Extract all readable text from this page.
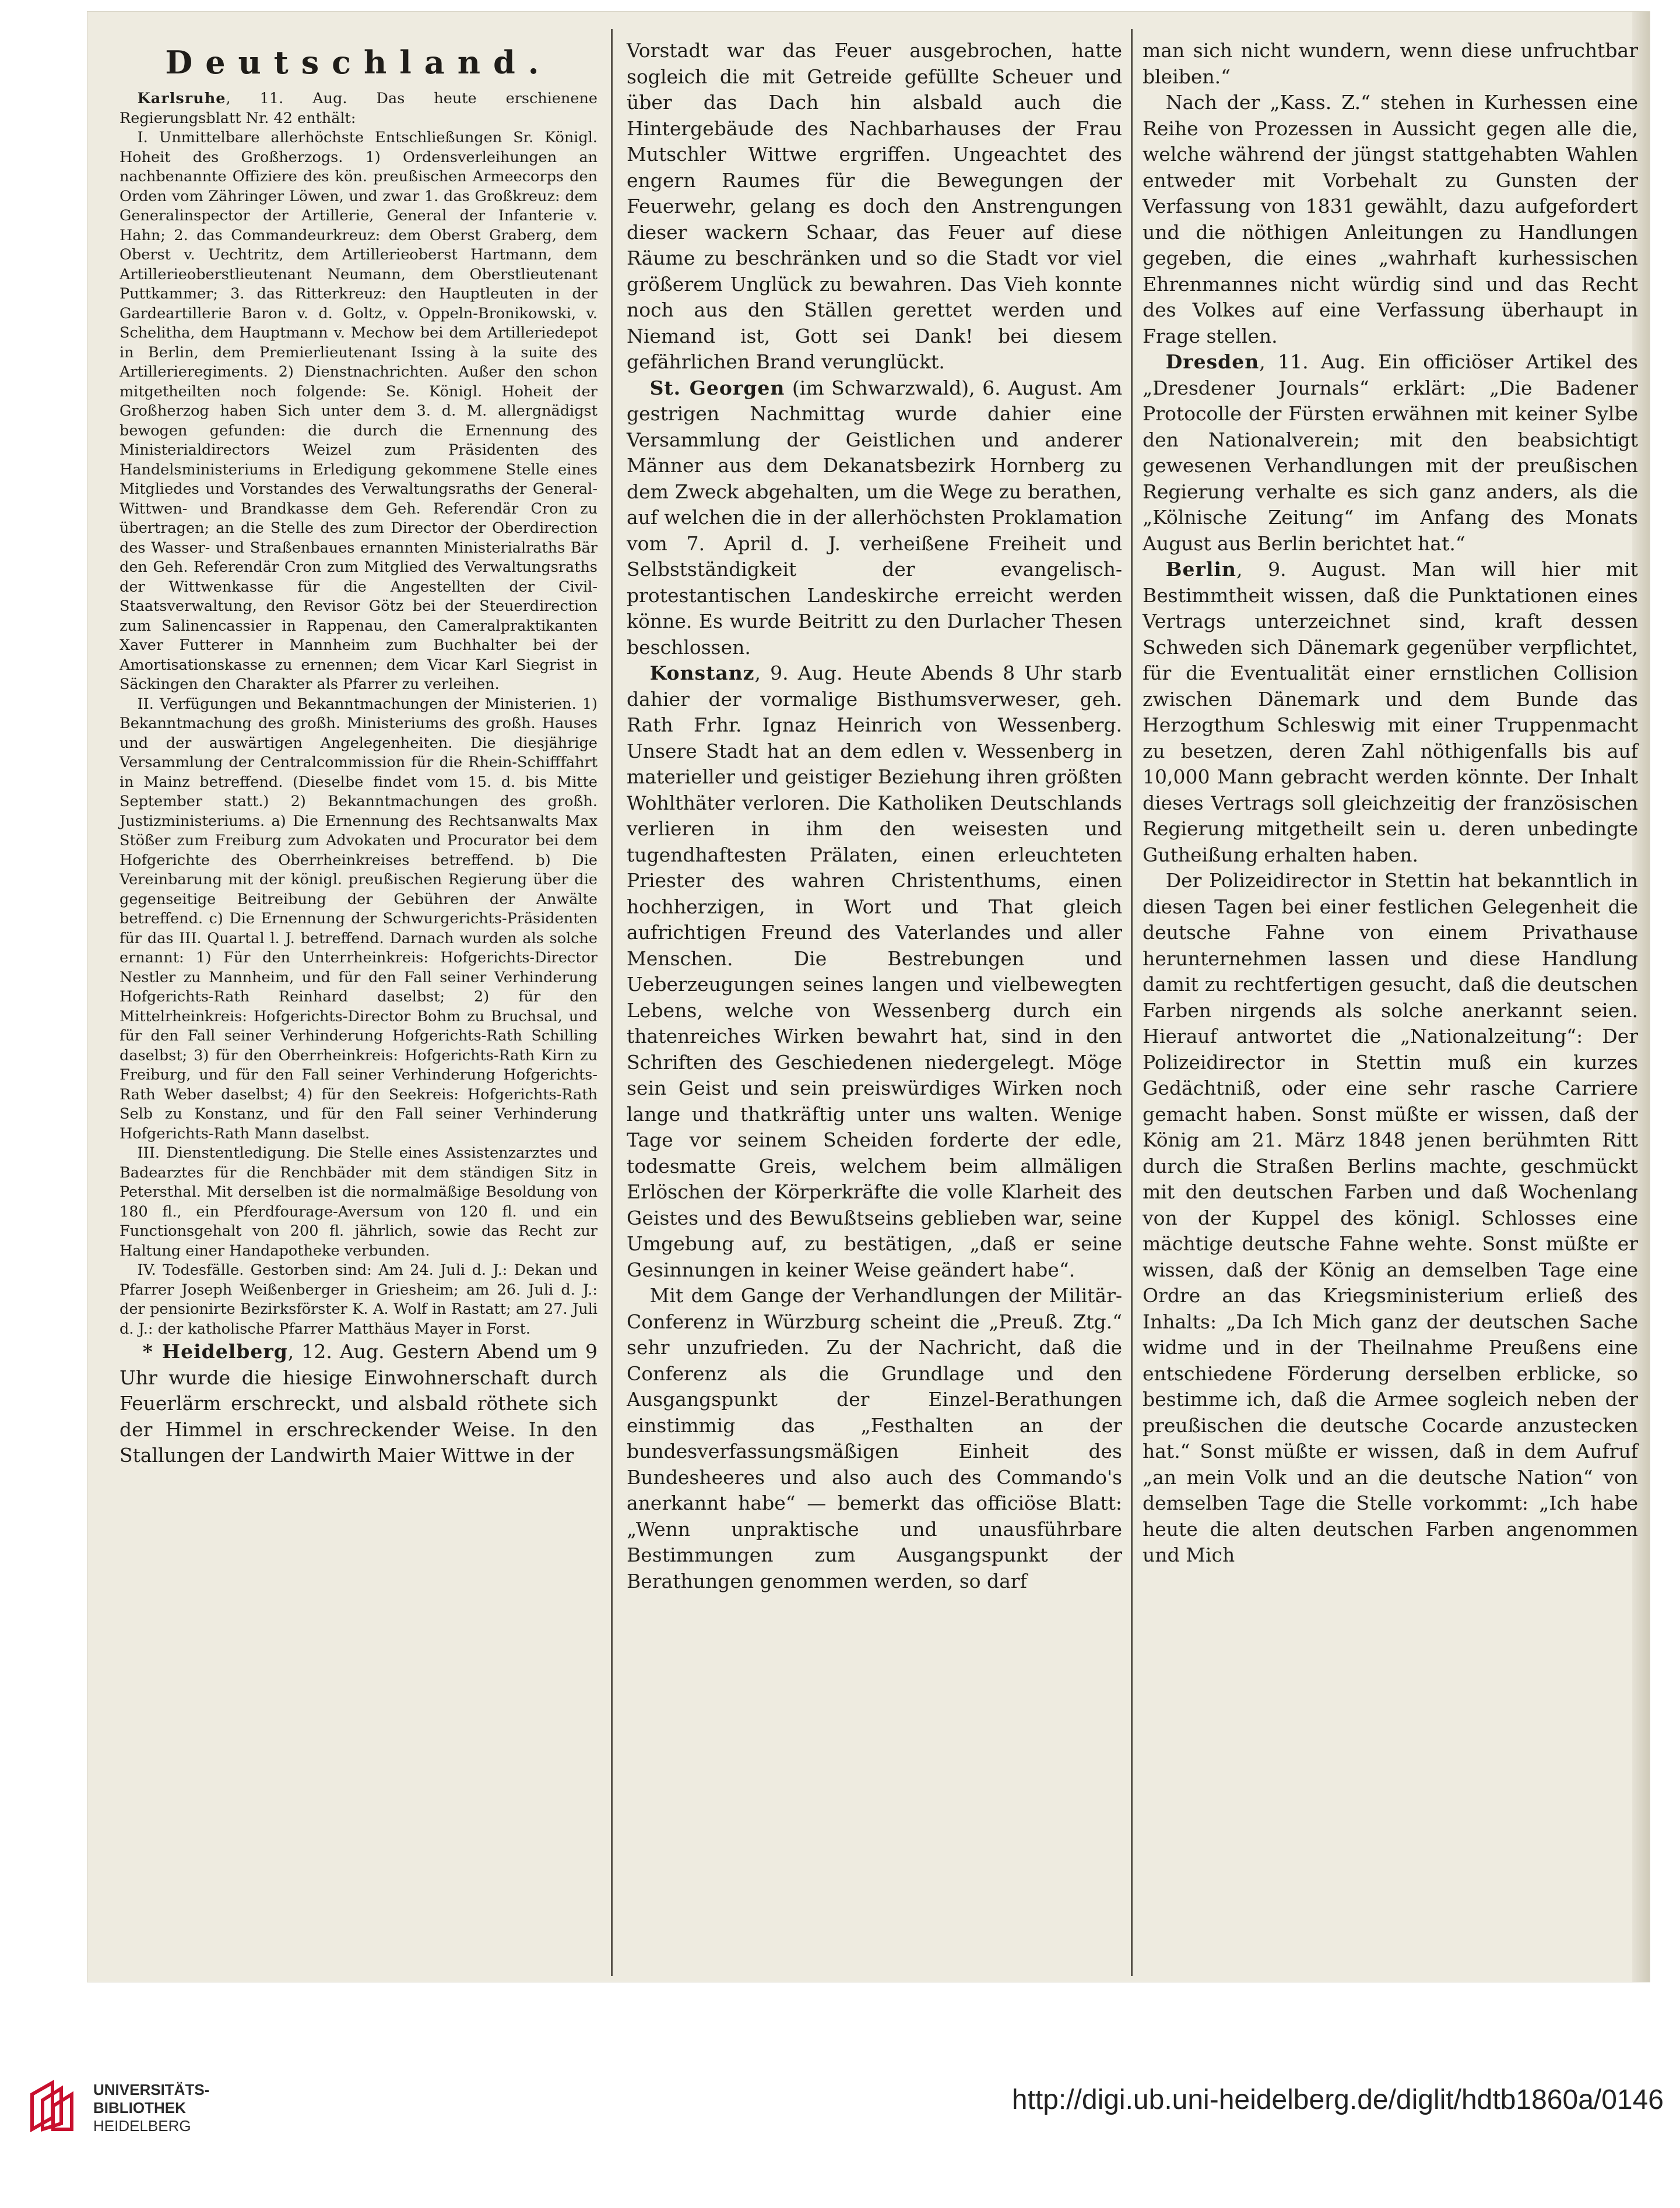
Deutschland.

Karlsruhe, 11. Aug. Das heute erschienene Regierungsblatt Nr. 42 enthält:

I. Unmittelbare allerhöchste Entschließungen Sr. Königl. Hoheit des Großherzogs. 1) Ordensverleihungen an nachbenannte Offiziere des kön. preußischen Armeecorps den Orden vom Zähringer Löwen, und zwar 1. das Großkreuz: dem Generalinspector der Artillerie, General der Infanterie v. Hahn; 2. das Commandeurkreuz: dem Oberst Graberg, dem Oberst v. Uechtritz, dem Artillerieoberst Hartmann, dem Artillerieoberstlieutenant Neumann, dem Oberstlieutenant Puttkammer; 3. das Ritterkreuz: den Hauptleuten in der Gardeartillerie Baron v. d. Goltz, v. Oppeln-Bronikowski, v. Schelitha, dem Hauptmann v. Mechow bei dem Artilleriedepot in Berlin, dem Premierlieutenant Issing à la suite des Artillerieregiments. 2) Dienstnachrichten. Außer den schon mitgetheilten noch folgende: Se. Königl. Hoheit der Großherzog haben Sich unter dem 3. d. M. allergnädigst bewogen gefunden: die durch die Ernennung des Ministerialdirectors Weizel zum Präsidenten des Handelsministeriums in Erledigung gekommene Stelle eines Mitgliedes und Vorstandes des Verwaltungsraths der General-Wittwen- und Brandkasse dem Geh. Referendär Cron zu übertragen; an die Stelle des zum Director der Oberdirection des Wasser- und Straßenbaues ernannten Ministerialraths Bär den Geh. Referendär Cron zum Mitglied des Verwaltungsraths der Wittwenkasse für die Angestellten der Civil-Staatsverwaltung, den Revisor Götz bei der Steuerdirection zum Salinencassier in Rappenau, den Cameralpraktikanten Xaver Futterer in Mannheim zum Buchhalter bei der Amortisationskasse zu ernennen; dem Vicar Karl Siegrist in Säckingen den Charakter als Pfarrer zu verleihen.

II. Verfügungen und Bekanntmachungen der Ministerien. 1) Bekanntmachung des großh. Ministeriums des großh. Hauses und der auswärtigen Angelegenheiten. Die diesjährige Versammlung der Centralcommission für die Rhein-Schifffahrt in Mainz betreffend. (Dieselbe findet vom 15. d. bis Mitte September statt.) 2) Bekanntmachungen des großh. Justizministeriums. a) Die Ernennung des Rechtsanwalts Max Stößer zum Freiburg zum Advokaten und Procurator bei dem Hofgerichte des Oberrheinkreises betreffend. b) Die Vereinbarung mit der königl. preußischen Regierung über die gegenseitige Beitreibung der Gebühren der Anwälte betreffend. c) Die Ernennung der Schwurgerichts-Präsidenten für das III. Quartal l. J. betreffend. Darnach wurden als solche ernannt: 1) Für den Unterrheinkreis: Hofgerichts-Director Nestler zu Mannheim, und für den Fall seiner Verhinderung Hofgerichts-Rath Reinhard daselbst; 2) für den Mittelrheinkreis: Hofgerichts-Director Bohm zu Bruchsal, und für den Fall seiner Verhinderung Hofgerichts-Rath Schilling daselbst; 3) für den Oberrheinkreis: Hofgerichts-Rath Kirn zu Freiburg, und für den Fall seiner Verhinderung Hofgerichts-Rath Weber daselbst; 4) für den Seekreis: Hofgerichts-Rath Selb zu Konstanz, und für den Fall seiner Verhinderung Hofgerichts-Rath Mann daselbst.

III. Dienstentledigung. Die Stelle eines Assistenzarztes und Badearztes für die Renchbäder mit dem ständigen Sitz in Petersthal. Mit derselben ist die normalmäßige Besoldung von 180 fl., ein Pferdfourage-Aversum von 120 fl. und ein Functionsgehalt von 200 fl. jährlich, sowie das Recht zur Haltung einer Handapotheke verbunden.

IV. Todesfälle. Gestorben sind: Am 24. Juli d. J.: Dekan und Pfarrer Joseph Weißenberger in Griesheim; am 26. Juli d. J.: der pensionirte Bezirksförster K. A. Wolf in Rastatt; am 27. Juli d. J.: der katholische Pfarrer Matthäus Mayer in Forst.

* Heidelberg, 12. Aug. Gestern Abend um 9 Uhr wurde die hiesige Einwohnerschaft durch Feuerlärm erschreckt, und alsbald röthete sich der Himmel in erschreckender Weise. In den Stallungen der Landwirth Maier Wittwe in der

Vorstadt war das Feuer ausgebrochen, hatte sogleich die mit Getreide gefüllte Scheuer und über das Dach hin alsbald auch die Hintergebäude des Nachbarhauses der Frau Mutschler Wittwe ergriffen. Ungeachtet des engern Raumes für die Bewegungen der Feuerwehr, gelang es doch den Anstrengungen dieser wackern Schaar, das Feuer auf diese Räume zu beschränken und so die Stadt vor viel größerem Unglück zu bewahren. Das Vieh konnte noch aus den Ställen gerettet werden und Niemand ist, Gott sei Dank! bei diesem gefährlichen Brand verunglückt.

St. Georgen (im Schwarzwald), 6. August. Am gestrigen Nachmittag wurde dahier eine Versammlung der Geistlichen und anderer Männer aus dem Dekanatsbezirk Hornberg zu dem Zweck abgehalten, um die Wege zu berathen, auf welchen die in der allerhöchsten Proklamation vom 7. April d. J. verheißene Freiheit und Selbstständigkeit der evangelisch-protestantischen Landeskirche erreicht werden könne. Es wurde Beitritt zu den Durlacher Thesen beschlossen.

Konstanz, 9. Aug. Heute Abends 8 Uhr starb dahier der vormalige Bisthumsverweser, geh. Rath Frhr. Ignaz Heinrich von Wessenberg. Unsere Stadt hat an dem edlen v. Wessenberg in materieller und geistiger Beziehung ihren größten Wohlthäter verloren. Die Katholiken Deutschlands verlieren in ihm den weisesten und tugendhaftesten Prälaten, einen erleuchteten Priester des wahren Christenthums, einen hochherzigen, in Wort und That gleich aufrichtigen Freund des Vaterlandes und aller Menschen. Die Bestrebungen und Ueberzeugungen seines langen und vielbewegten Lebens, welche von Wessenberg durch ein thatenreiches Wirken bewahrt hat, sind in den Schriften des Geschiedenen niedergelegt. Möge sein Geist und sein preiswürdiges Wirken noch lange und thatkräftig unter uns walten. Wenige Tage vor seinem Scheiden forderte der edle, todesmatte Greis, welchem beim allmäligen Erlöschen der Körperkräfte die volle Klarheit des Geistes und des Bewußtseins geblieben war, seine Umgebung auf, zu bestätigen, „daß er seine Gesinnungen in keiner Weise geändert habe“.

Mit dem Gange der Verhandlungen der Militär-Conferenz in Würzburg scheint die „Preuß. Ztg.“ sehr unzufrieden. Zu der Nachricht, daß die Conferenz als die Grundlage und den Ausgangspunkt der Einzel-Berathungen einstimmig das „Festhalten an der bundesverfassungsmäßigen Einheit des Bundesheeres und also auch des Commando's anerkannt habe“ — bemerkt das officiöse Blatt: „Wenn unpraktische und unausführbare Bestimmungen zum Ausgangspunkt der Berathungen genommen werden, so darf

man sich nicht wundern, wenn diese unfruchtbar bleiben.“

Nach der „Kass. Z.“ stehen in Kurhessen eine Reihe von Prozessen in Aussicht gegen alle die, welche während der jüngst stattgehabten Wahlen entweder mit Vorbehalt zu Gunsten der Verfassung von 1831 gewählt, dazu aufgefordert und die nöthigen Anleitungen zu Handlungen gegeben, die eines „wahrhaft kurhessischen Ehrenmannes nicht würdig sind und das Recht des Volkes auf eine Verfassung überhaupt in Frage stellen.

Dresden, 11. Aug. Ein officiöser Artikel des „Dresdener Journals“ erklärt: „Die Badener Protocolle der Fürsten erwähnen mit keiner Sylbe den Nationalverein; mit den beabsichtigt gewesenen Verhandlungen mit der preußischen Regierung verhalte es sich ganz anders, als die „Kölnische Zeitung“ im Anfang des Monats August aus Berlin berichtet hat.“

Berlin, 9. August. Man will hier mit Bestimmtheit wissen, daß die Punktationen eines Vertrags unterzeichnet sind, kraft dessen Schweden sich Dänemark gegenüber verpflichtet, für die Eventualität einer ernstlichen Collision zwischen Dänemark und dem Bunde das Herzogthum Schleswig mit einer Truppenmacht zu besetzen, deren Zahl nöthigenfalls bis auf 10,000 Mann gebracht werden könnte. Der Inhalt dieses Vertrags soll gleichzeitig der französischen Regierung mitgetheilt sein u. deren unbedingte Gutheißung erhalten haben.

Der Polizeidirector in Stettin hat bekanntlich in diesen Tagen bei einer festlichen Gelegenheit die deutsche Fahne von einem Privathause herunternehmen lassen und diese Handlung damit zu rechtfertigen gesucht, daß die deutschen Farben nirgends als solche anerkannt seien. Hierauf antwortet die „Nationalzeitung“: Der Polizeidirector in Stettin muß ein kurzes Gedächtniß, oder eine sehr rasche Carriere gemacht haben. Sonst müßte er wissen, daß der König am 21. März 1848 jenen berühmten Ritt durch die Straßen Berlins machte, geschmückt mit den deutschen Farben und daß Wochenlang von der Kuppel des königl. Schlosses eine mächtige deutsche Fahne wehte. Sonst müßte er wissen, daß der König an demselben Tage eine Ordre an das Kriegsministerium erließ des Inhalts: „Da Ich Mich ganz der deutschen Sache widme und in der Theilnahme Preußens eine entschiedene Förderung derselben erblicke, so bestimme ich, daß die Armee sogleich neben der preußischen die deutsche Cocarde anzustecken hat.“ Sonst müßte er wissen, daß in dem Aufruf „an mein Volk und an die deutsche Nation“ von demselben Tage die Stelle vorkommt: „Ich habe heute die alten deutschen Farben angenommen und Mich

UNIVERSITÄTS-
BIBLIOTHEK
HEIDELBERG
http://digi.ub.uni-heidelberg.de/diglit/hdtb1860a/0146
